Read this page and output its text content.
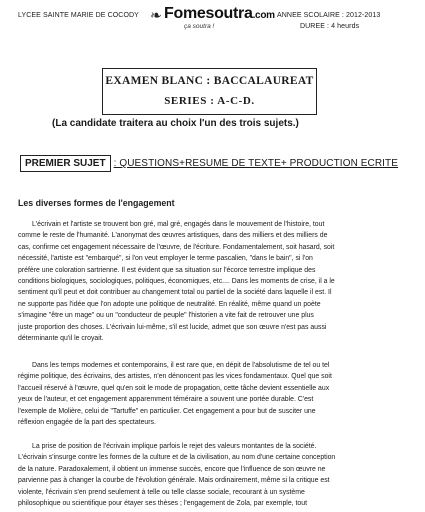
LYCEE SAINTE MARIE DE COCODY ❧ Fomesoutra.com
ça soutra !
ANNEE SCOLAIRE : 2012-2013
DUREE : 4 heurds
EXAMEN BLANC : BACCALAUREAT
SERIES : A-C-D.
(La candidate traitera au choix l'un des trois sujets.)
PREMIER SUJET : QUESTIONS+RESUME DE TEXTE+ PRODUCTION ECRITE
Les diverses formes de l'engagement
L'écrivain et l'artiste se trouvent bon gré, mal gré, engagés dans le mouvement de l'histoire, tout
comme le reste de l'humanité. L'anonymat des œuvres artistiques, dans des milliers et des milliers de
cas, confirme cet engagement nécessaire de l'œuvre, de l'écriture. Fondamentalement, soit hasard, soit
nécessité, l'artiste est "embarqué", si l'on veut employer le terme pascalien, "dans le bain", si l'on
préfère une coloration sartrienne. Il est évident que sa situation sur l'écorce terrestre implique des
conditions biologiques, sociologiques, politiques, économiques, etc.... Dans les moments de crise, il a le
sentiment qu'il peut et doit contribuer au changement total ou partiel de la société dans laquelle il est. Il
ne supporte pas l'idée que l'on adopte une politique de neutralité. En réalité, même quand un poète
s'imagine "être un mage" ou un "conducteur de peuple" l'historien a vite fait de retrouver une plus
juste proportion des choses. L'écrivain lui-même, s'il est lucide, admet que son œuvre n'est pas aussi
déterminante qu'il le croyait.
Dans les temps modernes et contemporains, il est rare que, en dépit de l'absolutisme de tel ou tel
régime politique, des écrivains, des artistes, n'en dénoncent pas les vices fondamentaux. Quel que soit
l'accueil réservé à l'œuvre, quel qu'en soit le mode de propagation, cette tâche devient essentielle aux
yeux de l'auteur, et cet engagement apparemment téméraire a souvent une portée durable. C'est
l'exemple de Molière, celui de "Tartuffe" en particulier. Cet engagement a pour but de susciter une
réflexion engagée de la part des spectateurs.
La prise de position de l'écrivain implique parfois le rejet des valeurs montantes de la société.
L'écrivain s'insurge contre les formes de la culture et de la civilisation, au nom d'une certaine conception
de la nature. Paradoxalement, il obtient un immense succès, encore que l'influence de son œuvre ne
parvienne pas à changer la courbe de l'évolution générale. Mais ordinairement, même si la critique est
violente, l'écrivain s'en prend seulement à telle ou telle classe sociale, recourant à un système
philosophique ou scientifique pour étayer ses thèses ; l'engagement de Zola, par exemple, tout
